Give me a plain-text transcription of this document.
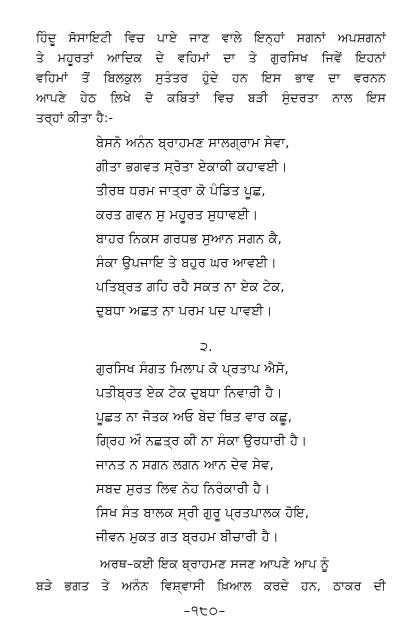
ਹਿੰਦੂ ਸੋਸਾਇਟੀ ਵਿਚ ਪਾਏ ਜਾਣ ਵਾਲੇ ਇਨ੍ਹਾਂ ਸਗਨਾਂ ਅਪਸ਼ਗਨਾਂ
ਤੇ ਮਹੂਰਤਾਂ ਆਦਿਕ ਦੇ ਵਹਿਮਾਂ ਦਾ ਤੇ ਗੁਰਸਿਖ ਜਿਵੇਂ ਇਹਨਾਂ
ਵਹਿਮਾਂ ਤੋਂ ਬਿਲਕੁਲ ਸੁਤੰਤਰ ਹੁੰਦੇ ਹਨ ਇਸ ਭਾਵ ਦਾ ਵਰਨਨ
ਆਪਣੇ ਹੇਠ ਲਿਖੇ ਦੋ ਕਬਿਤਾਂ ਵਿਚ ਬੜੀ ਸੁੰਦਰਤਾ ਨਾਲ ਇਸ
ਤਰ੍ਹਾਂ ਕੀਤਾ ਹੈ:-
ਬੇਸਨੋ ਅਨੰਨ ਬ੍ਰਾਹਮਣ ਸਾਲਗ੍ਰਾਮ ਸੇਵਾ,
ਗੀਤਾ ਭਗਵਤ ਸ੍ਰੋਤਾ ਏਕਾਕੀ ਕਹਾਵਈ।
ਤੀਰਥ ਧਰਮ ਜਾਤ੍ਰਾ ਕੋ ਪੰਡਿਤ ਪੂਛ,
ਕਰਤ ਗਵਨ ਸੁ ਮਹੂਰਤ ਸੁਧਾਵਈ।
ਬਾਹਰ ਨਿਕਸ ਗਰਧਭ ਸੁਆਨ ਸਗਨ ਕੈ,
ਸੰਕਾ ਉਪਜਾਇ ਤੇ ਬਹੁਰ ਘਰ ਆਵਈ।
ਪਤਿਬ੍ਰਤ ਗਹਿ ਰਹੈ ਸਕਤ ਨਾ ਏਕ ਟੇਕ,
ਦੁਬਧਾ ਅਛਤ ਨਾ ਪਰਮ ਪਦ ਪਾਵਈ।
੨.
ਗੁਰਸਿਖ ਸੰਗਤ ਮਿਲਾਪ ਕੋ ਪ੍ਰਤਾਪ ਐਸੋ,
ਪਤੀਬ੍ਰਤ ਏਕ ਟੇਕ ਦੁਬਧਾ ਨਿਵਾਰੀ ਹੈ।
ਪੂਛਤ ਨਾ ਜੋਤਕ ਅਓ ਬੇਦ ਥਿਤ ਵਾਰ ਕਛੂ,
ਗ੍ਰਿਹ ਔ ਨਛਤ੍ਰ ਕੀ ਨਾ ਸੰਕਾ ਉਰਧਾਰੀ ਹੈ।
ਜਾਨਤ ਨ ਸਗਨ ਲਗਨ ਆਨ ਦੇਵ ਸੇਵ,
ਸਬਦ ਸੁਰਤ ਲਿਵ ਨੇਹ ਨਿਰੰਕਾਰੀ ਹੈ।
ਸਿਖ ਸੰਤ ਬਾਲਕ ਸ੍ਰੀ ਗੁਰੂ ਪ੍ਰਤਪਾਲਕ ਹੋਇ,
ਜੀਵਨ ਮੁਕਤ ਗਤ ਬ੍ਰਹਮ ਬੀਚਾਰੀ ਹੈ।
ਅਰਥ–ਕਈ ਇਕ ਬ੍ਰਾਹਮਣ ਸਜਣ ਆਪਣੇ ਆਪ ਨੂੰ
ਬੜੇ ਭਗਤ ਤੇ ਅਨੰਨ ਵਿਸ਼੍ਵਾਸੀ ਖ਼ਿਆਲ ਕਰਦੇ ਹਨ, ਠਾਕਰ ਦੀ
–੧੮੦–
